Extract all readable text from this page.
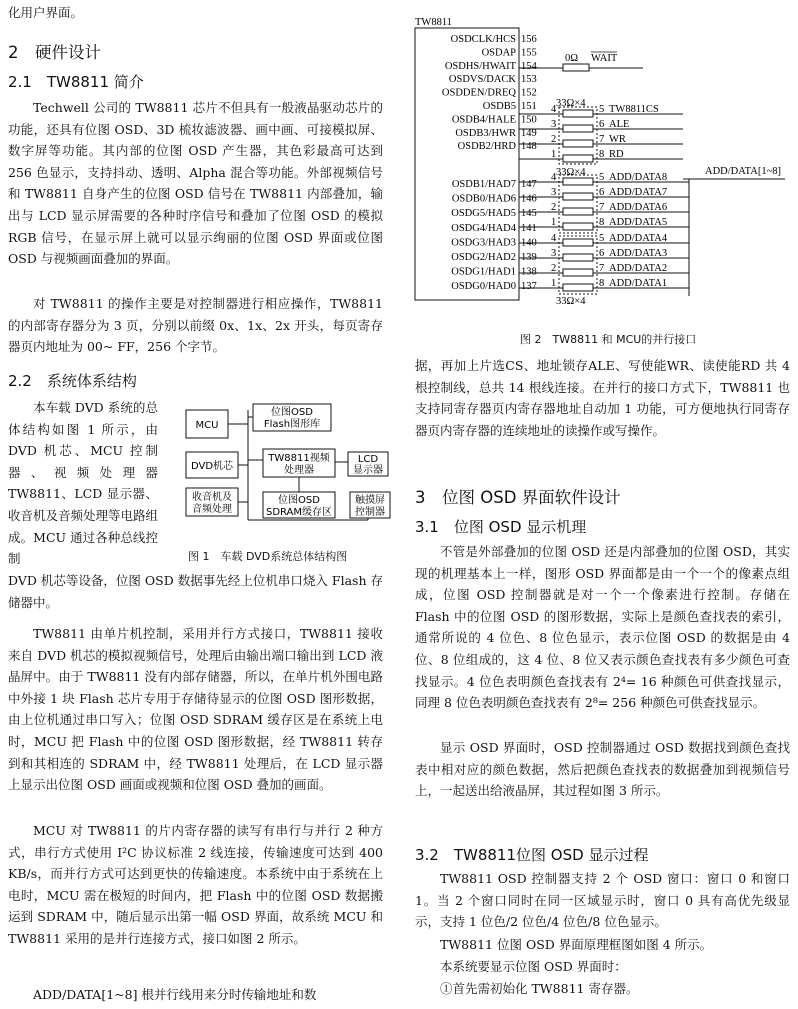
化用户界面。
2　硬件设计
2.1　TW8811 简介
Techwell 公司的 TW8811 芯片不但具有一般液晶驱动芯片的功能，还具有位图 OSD、3D 梳妆滤波器、画中画、可接模拟屏、数字屏等功能。其内部的位图 OSD 产生器，其色彩最高可达到 256 色显示，支持抖动、透明、Alpha 混合等功能。外部视频信号和 TW8811 自身产生的位图 OSD 信号在 TW8811 内部叠加，输出与 LCD 显示屏需要的各种时序信号和叠加了位图 OSD 的模拟 RGB 信号，在显示屏上就可以显示绚丽的位图 OSD 界面或位图 OSD 与视频画面叠加的界面。
对 TW8811 的操作主要是对控制器进行相应操作，TW8811 的内部寄存器分为 3 页，分别以前缀 0x、1x、2x 开头，每页寄存器页内地址为 00~ FF，256 个字节。
2.2　系统体系结构
本车载 DVD 系统的总体结构如图 1 所示，由 DVD 机芯、MCU 控制器、视频处理器 TW8811、LCD 显示器、收音机及音频处理等电路组成。MCU 通过各种总线控制
MCU
位图OSD
Flash图形库
DVD机芯
TW8811视频
处理器
LCD
显示器
收音机及
音频处理
位图OSD
SDRAM缓存区
触摸屏
控制器
图 1　车载 DVD系统总体结构图
DVD 机芯等设备，位图 OSD 数据事先经上位机串口烧入 Flash 存储器中。
TW8811 由单片机控制，采用并行方式接口，TW8811 接收来自 DVD 机芯的模拟视频信号，处理后由输出端口输出到 LCD 液晶屏中。由于 TW8811 没有内部存储器，所以，在单片机外围电路中外接 1 块 Flash 芯片专用于存储待显示的位图 OSD 图形数据，由上位机通过串口写入；位图 OSD SDRAM 缓存区是在系统上电时，MCU 把 Flash 中的位图 OSD 图形数据，经 TW8811 转存到和其相连的 SDRAM 中，经 TW8811 处理后，在 LCD 显示器上显示出位图 OSD 画面或视频和位图 OSD 叠加的画面。
MCU 对 TW8811 的片内寄存器的读写有串行与并行 2 种方式，串行方式使用 I²C 协议标准 2 线连接，传输速度可达到 400 KB/s，而并行方式可达到更快的传输速度。本系统中由于系统在上电时，MCU 需在极短的时间内，把 Flash 中的位图 OSD 数据搬运到 SDRAM 中，随后显示出第一幅 OSD 界面，故系统 MCU 和 TW8811 采用的是并行连接方式，接口如图 2 所示。
ADD/DATA[1~8] 根并行线用来分时传输地址和数
TW8811
OSDCLK/HCS 156
OSDAP 155
OSDHS/HWAIT 154
OSDVS/DACK 153
OSDDEN/DREQ 152
OSDB5 151
OSDB4/HALE 150
OSDB3/HWR 149
OSDB2/HRD 148
OSDB1/HAD7 147
OSDB0/HAD6 146
OSDG5/HAD5 145
OSDG4/HAD4 141
OSDG3/HAD3 140
OSDG2/HAD2 139
OSDG1/HAD1 138
OSDG0/HAD0 137
4	5 TW8811CS
3	6 ALE
2	7 WR
1	8 RD
4	5 ADD/DATA8
3	6 ADD/DATA7
2	7 ADD/DATA6
1	8 ADD/DATA5
4	5 ADD/DATA4
3	6 ADD/DATA3
2	7 ADD/DATA2
1	8 ADD/DATA1
0Ω WAIT
33Ω×4
33Ω×4
33Ω×4
ADD/DATA[1~8]
图 2　TW8811 和 MCU的并行接口
据，再加上片选CS、地址锁存ALE、写使能WR、读使能RD 共 4 根控制线，总共 14 根线连接。在并行的接口方式下，TW8811 也支持同寄存器页内寄存器地址自动加 1 功能，可方便地执行同寄存器页内寄存器的连续地址的读操作或写操作。
3　位图 OSD 界面软件设计
3.1　位图 OSD 显示机理
不管是外部叠加的位图 OSD 还是内部叠加的位图 OSD，其实现的机理基本上一样，图形 OSD 界面都是由一个一个的像素点组成，位图 OSD 控制器就是对一个一个像素进行控制。存储在 Flash 中的位图 OSD 的图形数据，实际上是颜色查找表的索引，通常所说的 4 位色、8 位色显示，表示位图 OSD 的数据是由 4 位、8 位组成的，这 4 位、8 位又表示颜色查找表有多少颜色可查找显示。4 位色表明颜色查找表有 2⁴= 16 种颜色可供查找显示，同理 8 位色表明颜色查找表有 2⁸= 256 种颜色可供查找显示。
显示 OSD 界面时，OSD 控制器通过 OSD 数据找到颜色查找表中相对应的颜色数据，然后把颜色查找表的数据叠加到视频信号上，一起送出给液晶屏，其过程如图 3 所示。
3.2　TW8811位图 OSD 显示过程
TW8811 OSD 控制器支持 2 个 OSD 窗口：窗口 0 和窗口 1。当 2 个窗口同时在同一区域显示时，窗口 0 具有高优先级显示，支持 1 位色/2 位色/4 位色/8 位色显示。
TW8811 位图 OSD 界面原理框图如图 4 所示。
本系统要显示位图 OSD 界面时：
①首先需初始化 TW8811 寄存器。
